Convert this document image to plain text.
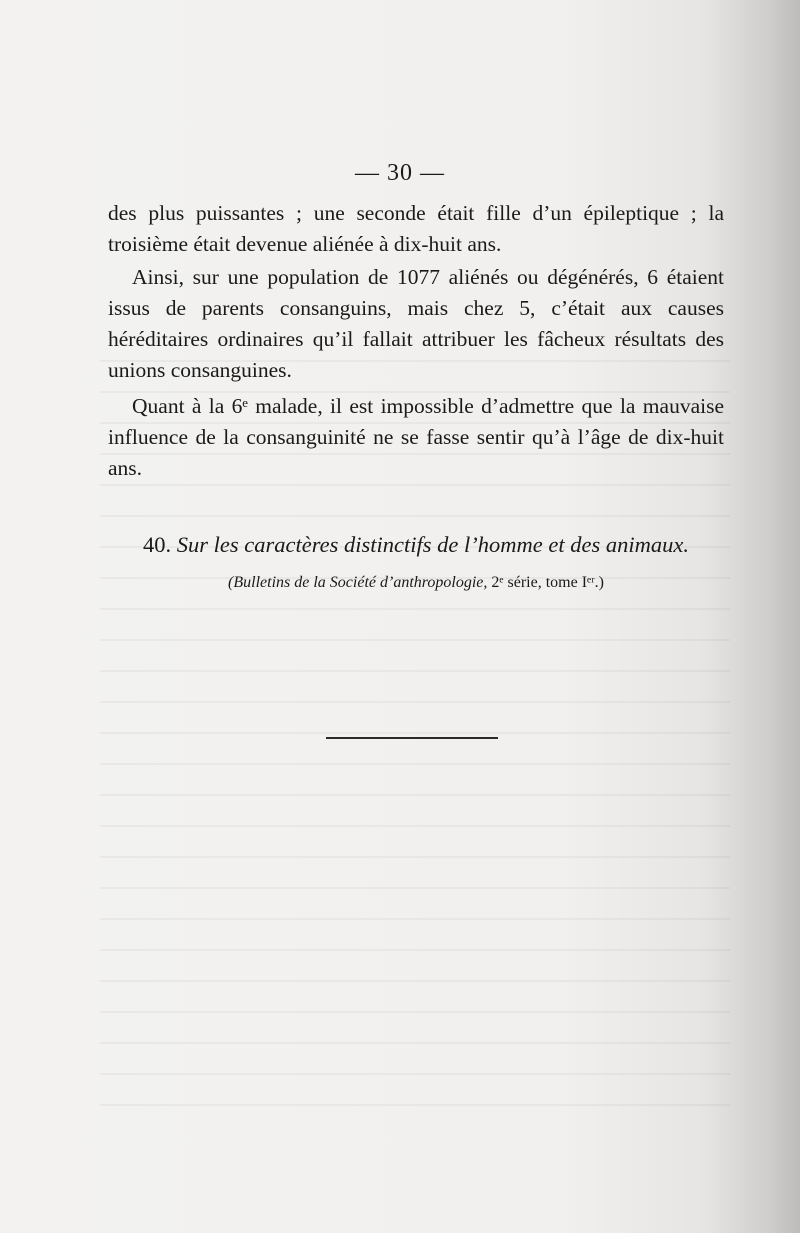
— 30 —

des plus puissantes ; une seconde était fille d’un épileptique ; la troisième était devenue aliénée à dix-huit ans.

Ainsi, sur une population de 1077 aliénés ou dégénérés, 6 étaient issus de parents consanguins, mais chez 5, c’était aux causes héréditaires ordinaires qu’il fallait attribuer les fâcheux résultats des unions consanguines.

Quant à la 6ᵉ malade, il est impossible d’admettre que la mauvaise influence de la consanguinité ne se fasse sentir qu’à l’âge de dix-huit ans.

40. Sur les caractères distinctifs de l’homme et des animaux.
(Bulletins de la Société d’anthropologie, 2ᵉ série, tome Iᵉʳ.)
